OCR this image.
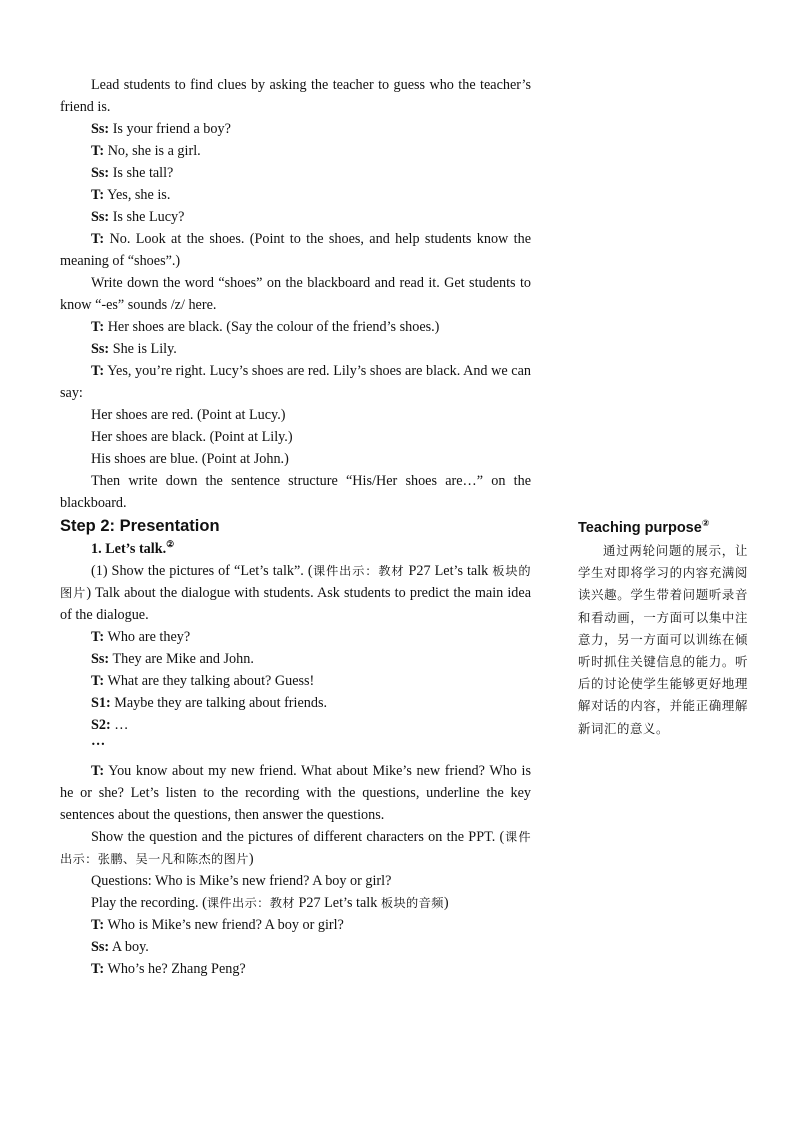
Lead students to find clues by asking the teacher to guess who the teacher’s friend is.

Ss: Is your friend a boy?

T: No, she is a girl.

Ss: Is she tall?

T: Yes, she is.

Ss: Is she Lucy?

T: No. Look at the shoes. (Point to the shoes, and help students know the meaning of “shoes”.)

Write down the word “shoes” on the blackboard and read it. Get students to know “-es” sounds /z/ here.

T: Her shoes are black. (Say the colour of the friend’s shoes.)

Ss: She is Lily.

T: Yes, you’re right. Lucy’s shoes are red. Lily’s shoes are black. And we can say:

Her shoes are red. (Point at Lucy.)

Her shoes are black. (Point at Lily.)

His shoes are blue. (Point at John.)

Then write down the sentence structure “His/Her shoes are…” on the blackboard.

Step 2: Presentation

1. Let’s talk.②

(1) Show the pictures of “Let’s talk”. (课件出示：教材 P27 Let’s talk 板块的图片) Talk about the dialogue with students. Ask students to predict the main idea of the dialogue.

T: Who are they?

Ss: They are Mike and John.

T: What are they talking about? Guess!

S1: Maybe they are talking about friends.

S2: …

…

T: You know about my new friend. What about Mike’s new friend? Who is he or she? Let’s listen to the recording with the questions, underline the key sentences about the questions, then answer the questions.

Show the question and the pictures of different characters on the PPT. (课件出示：张鹏、吴一凡和陈杰的图片)

Questions: Who is Mike’s new friend? A boy or girl?

Play the recording. (课件出示：教材 P27 Let’s talk 板块的音频)

T: Who is Mike’s new friend? A boy or girl?

Ss: A boy.

T: Who’s he? Zhang Peng?

Teaching purpose②

通过两轮问题的展示，让学生对即将学习的内容充满阅读兴趣。学生带着问题听录音和看动画，一方面可以集中注意力，另一方面可以训练在倾听时抓住关键信息的能力。听后的讨论使学生能够更好地理解对话的内容，并能正确理解新词汇的意义。
